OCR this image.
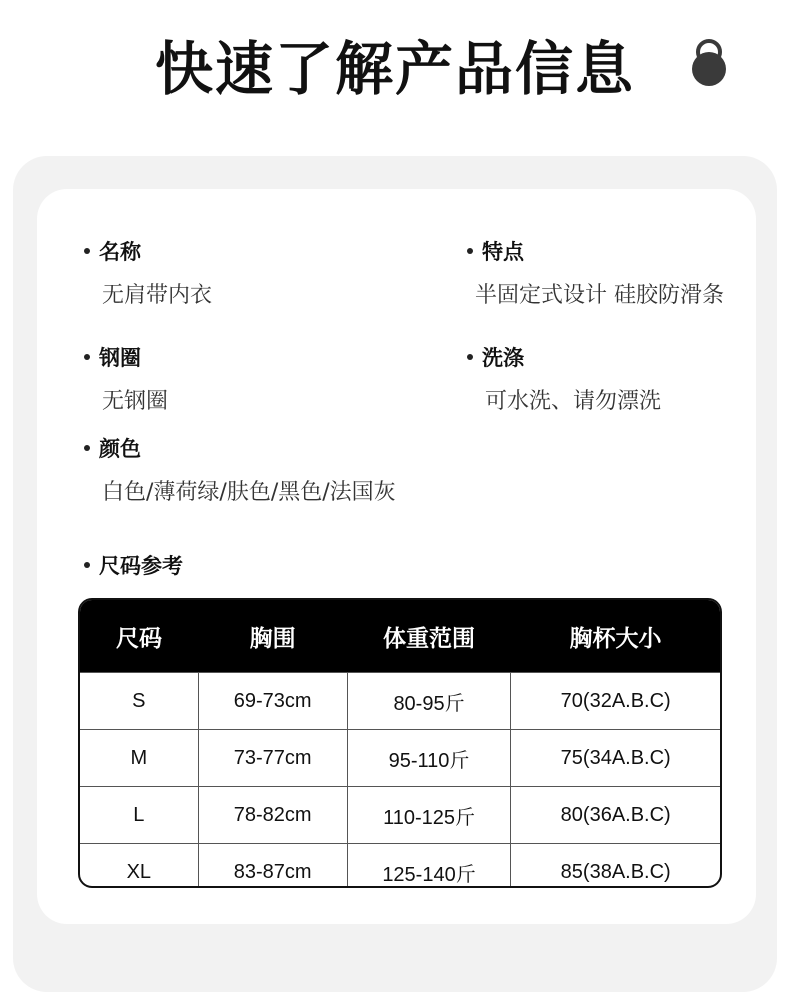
快速了解产品信息
名称
无肩带内衣
特点
半固定式设计 硅胶防滑条
钢圈
无钢圈
洗涤
可水洗、请勿漂洗
颜色
白色/薄荷绿/肤色/黑色/法国灰
尺码参考
尺码	胸围	体重范围	胸杯大小
S	69-73cm	80-95斤	70(32A.B.C)
M	73-77cm	95-110斤	75(34A.B.C)
L	78-82cm	110-125斤	80(36A.B.C)
XL	83-87cm	125-140斤	85(38A.B.C)
